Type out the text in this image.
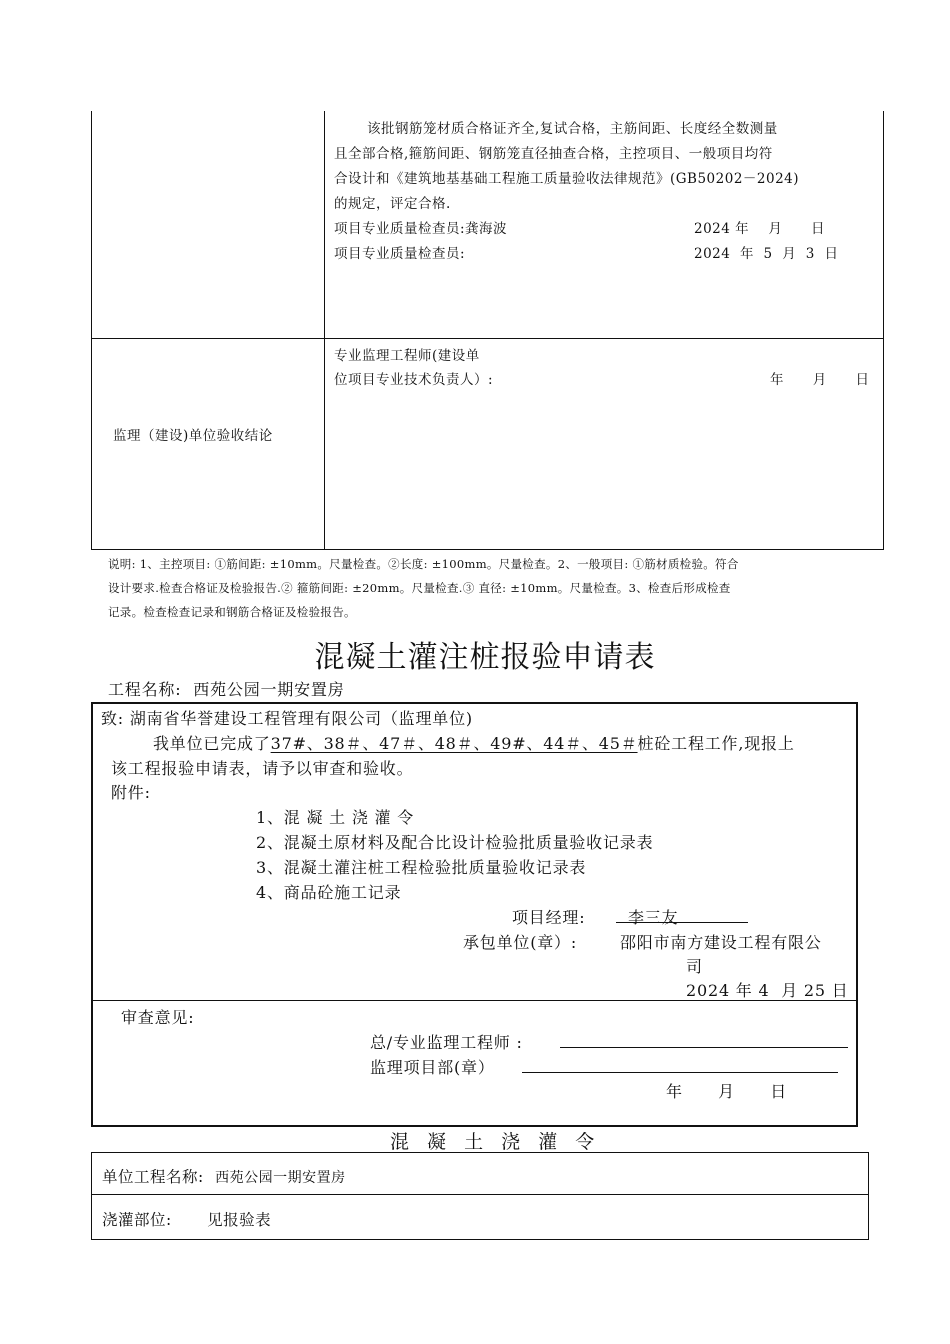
该批钢筋笼材质合格证齐全,复试合格，主筋间距、长度经全数测量
且全部合格,箍筋间距、钢筋笼直径抽查合格，主控项目、一般项目均符
合设计和《建筑地基基础工程施工质量验收法律规范》(GB50202－2024)
的规定，评定合格.
项目专业质量检查员:龚海波	2024 年    月      日
项目专业质量检查员:	2024  年  5  月  3  日
监理（建设)单位验收结论
专业监理工程师(建设单
位项目专业技术负责人）:	年      月      日
说明: 1、主控项目: ①筋间距: ±10mm。尺量检查。②长度: ±100mm。尺量检查。2、一般项目: ①筋材质检验。符合
设计要求.检查合格证及检验报告.② 箍筋间距: ±20mm。尺量检查.③ 直径: ±10mm。尺量检查。3、检查后形成检查
记录。检查检查记录和钢筋合格证及检验报告。
混凝土灌注桩报验申请表
工程名称: 西苑公园一期安置房
致: 湖南省华誉建设工程管理有限公司（监理单位)
我单位已完成了37#、38＃、47＃、48＃、49#、44＃、45＃桩砼工程工作,现报上
该工程报验申请表，请予以审查和验收。
附件:
1、混 凝 土 浇 灌 令
2、混凝土原材料及配合比设计检验批质量验收记录表
3、混凝土灌注桩工程检验批质量验收记录表
4、商品砼施工记录
项目经理:	李三友
承包单位(章）:	邵阳市南方建设工程有限公
司
2024 年 4  月 25 日
审查意见:
总/专业监理工程师 :
监理项目部(章）
年      月      日
混 凝 土 浇 灌 令
单位工程名称: 西苑公园一期安置房
浇灌部位: 见报验表
